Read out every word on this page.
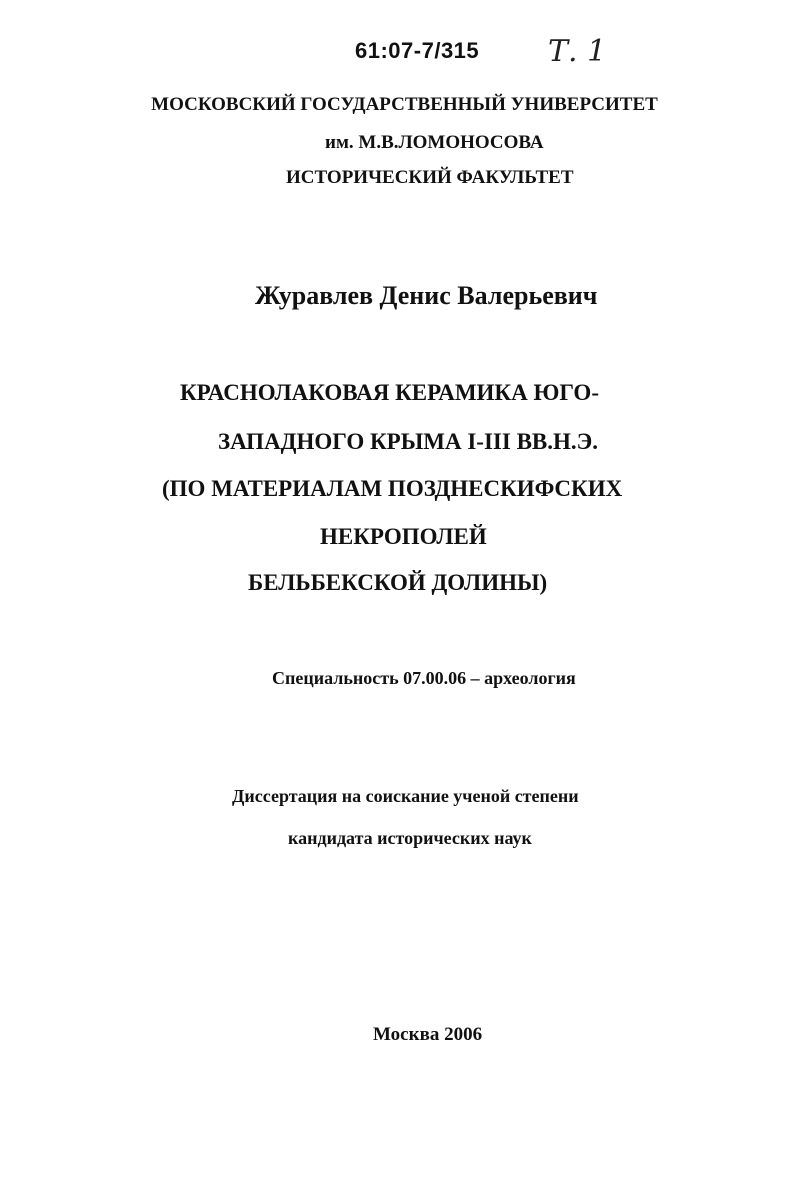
61:07-7/315 Т. 1
МОСКОВСКИЙ ГОСУДАРСТВЕННЫЙ УНИВЕРСИТЕТ
им. М.В.ЛОМОНОСОВА
ИСТОРИЧЕСКИЙ ФАКУЛЬТЕТ
Журавлев Денис Валерьевич
КРАСНОЛАКОВАЯ КЕРАМИКА ЮГО-
ЗАПАДНОГО КРЫМА I-III ВВ.Н.Э.
(ПО МАТЕРИАЛАМ ПОЗДНЕСКИФСКИХ
НЕКРОПОЛЕЙ
БЕЛЬБЕКСКОЙ ДОЛИНЫ)
Специальность 07.00.06 – археология
Диссертация на соискание ученой степени
кандидата исторических наук
Москва 2006
